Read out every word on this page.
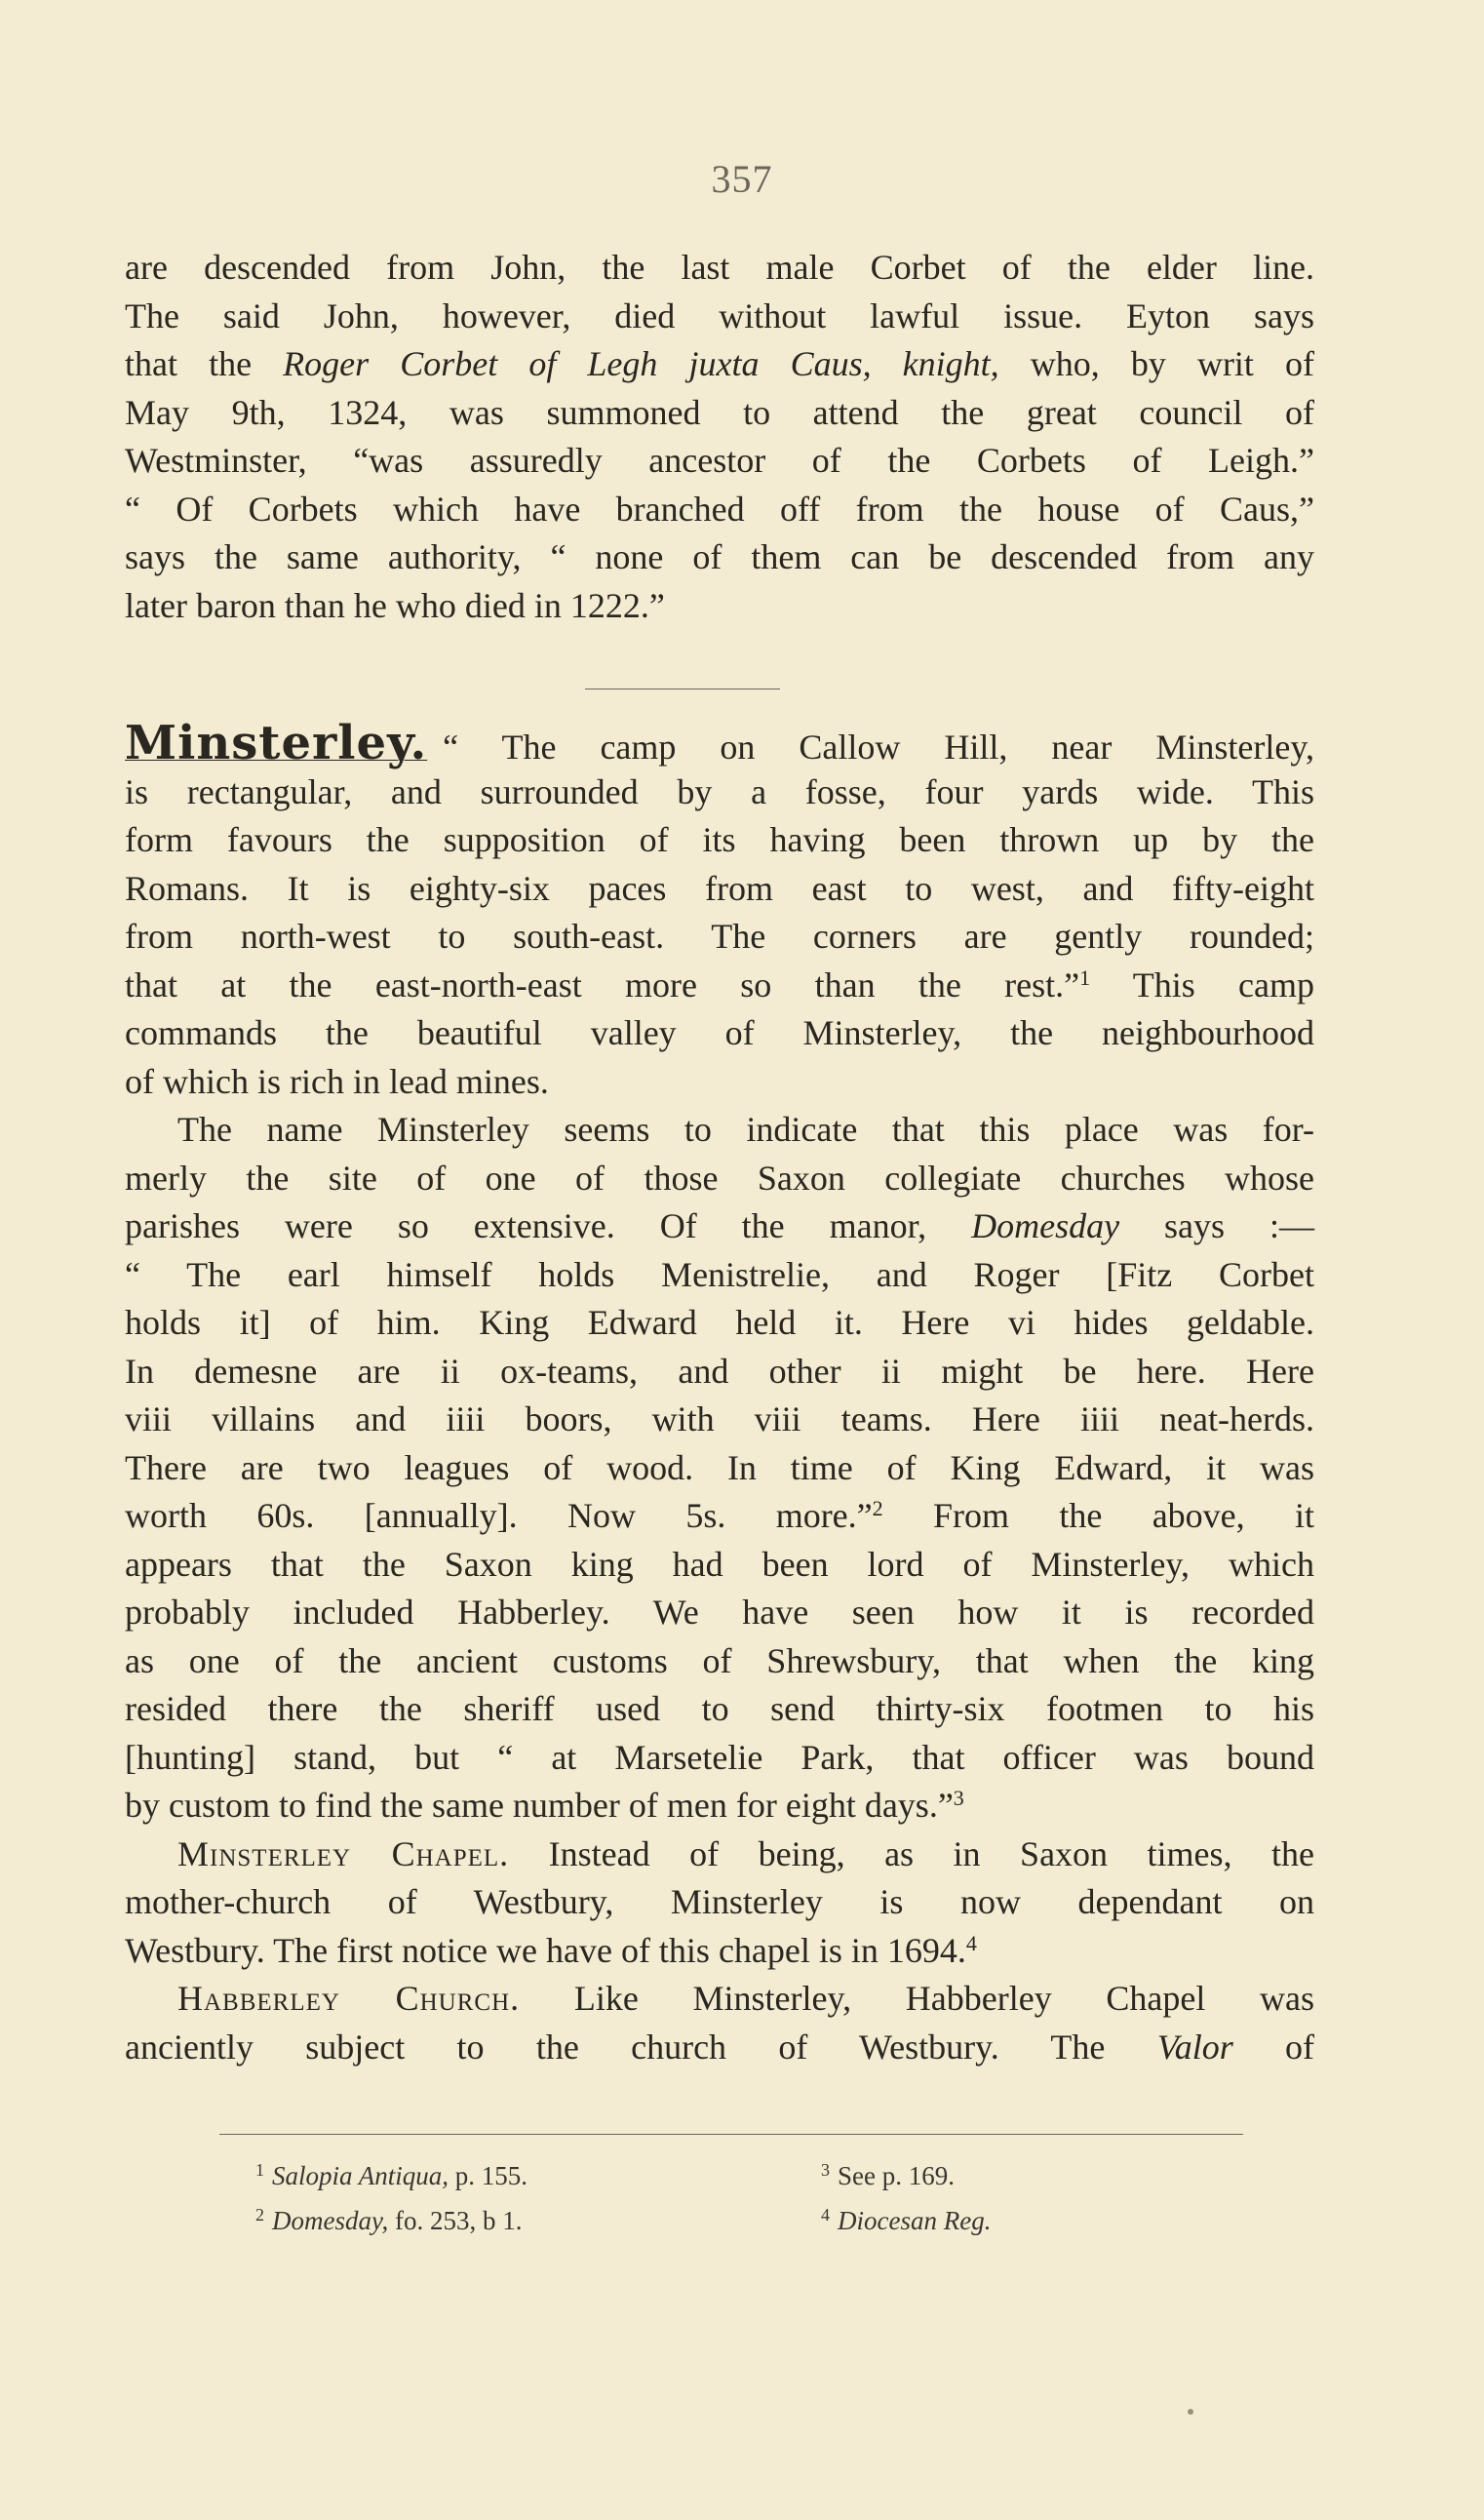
357
are descended from John, the last male Corbet of the elder line.
The said John, however, died without lawful issue. Eyton says
that the Roger Corbet of Legh juxta Caus, knight, who, by writ of
May 9th, 1324, was summoned to attend the great council of
Westminster, “was assuredly ancestor of the Corbets of Leigh.”
“ Of Corbets which have branched off from the house of Caus,”
says the same authority, “ none of them can be descended from any
later baron than he who died in 1222.”
Minsterley. “ The camp on Callow Hill, near Minsterley,
is rectangular, and surrounded by a fosse, four yards wide. This
form favours the supposition of its having been thrown up by the
Romans. It is eighty-six paces from east to west, and fifty-eight
from north-west to south-east. The corners are gently rounded;
that at the east-north-east more so than the rest.”$^1$ This camp
commands the beautiful valley of Minsterley, the neighbourhood
of which is rich in lead mines.
The name Minsterley seems to indicate that this place was for-
merly the site of one of those Saxon collegiate churches whose
parishes were so extensive. Of the manor, Domesday says :—
“ The earl himself holds Menistrelie, and Roger [Fitz Corbet
holds it] of him. King Edward held it. Here vi hides geldable.
In demesne are ii ox-teams, and other ii might be here. Here
viii villains and iiii boors, with viii teams. Here iiii neat-herds.
There are two leagues of wood. In time of King Edward, it was
worth 60s. [annually]. Now 5s. more.”$^2$ From the above, it
appears that the Saxon king had been lord of Minsterley, which
probably included Habberley. We have seen how it is recorded
as one of the ancient customs of Shrewsbury, that when the king
resided there the sheriff used to send thirty-six footmen to his
[hunting] stand, but “ at Marsetelie Park, that officer was bound
by custom to find the same number of men for eight days.”$^3$
Minsterley Chapel. Instead of being, as in Saxon times, the
mother-church of Westbury, Minsterley is now dependant on
Westbury. The first notice we have of this chapel is in 1694.$^4$
Habberley Church. Like Minsterley, Habberley Chapel was
anciently subject to the church of Westbury. The Valor of
$^1$ Salopia Antiqua, p. 155.
$^2$ Domesday, fo. 253, b 1.
$^3$ See p. 169.
$^4$ Diocesan Reg.
